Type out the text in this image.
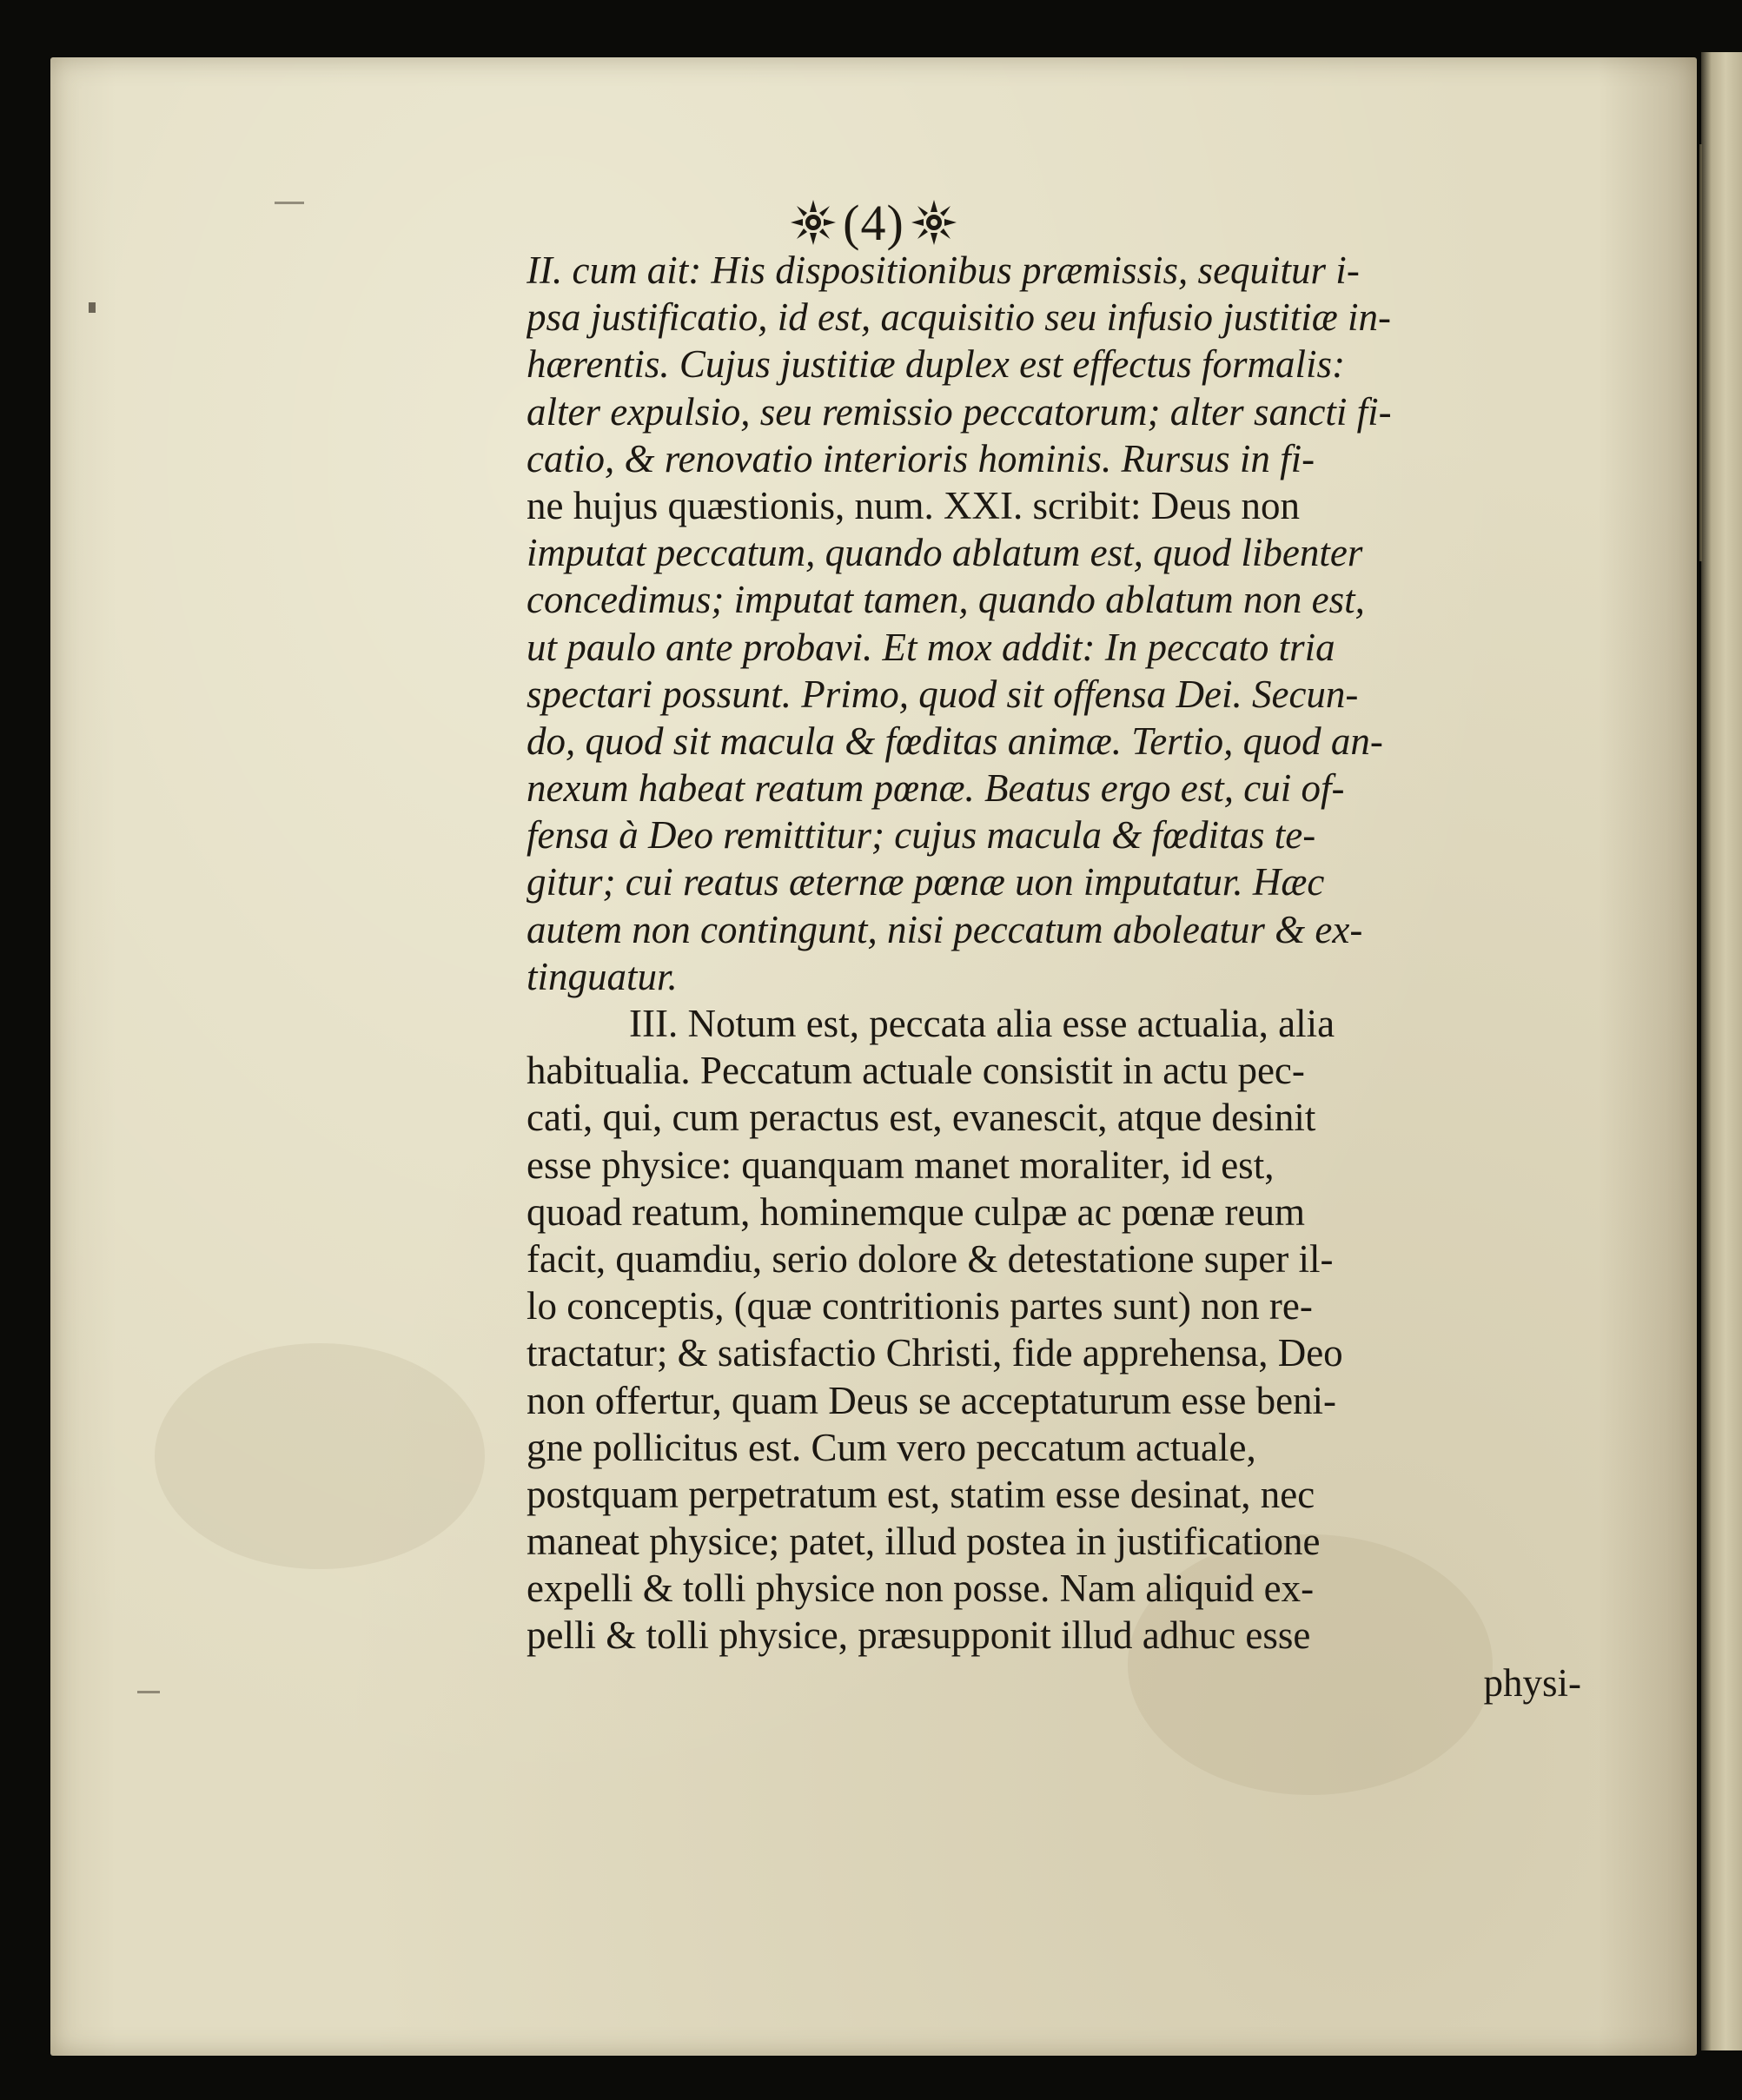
(4)
II. cum ait: His dispositionibus præmissis, sequitur i-
psa justificatio, id est, acquisitio seu infusio justitiæ in-
hærentis. Cujus justitiæ duplex est effectus formalis:
alter expulsio, seu remissio peccatorum; alter sancti fi-
catio, & renovatio interioris hominis. Rursus in fi-
ne hujus quæstionis, num. XXI. scribit: Deus non
imputat peccatum, quando ablatum est, quod libenter
concedimus; imputat tamen, quando ablatum non est,
ut paulo ante probavi. Et mox addit: In peccato tria
spectari possunt. Primo, quod sit offensa Dei. Secun-
do, quod sit macula & fœditas animæ. Tertio, quod an-
nexum habeat reatum pœnæ. Beatus ergo est, cui of-
fensa à Deo remittitur; cujus macula & fœditas te-
gitur; cui reatus æternæ pœnæ uon imputatur. Hæc
autem non contingunt, nisi peccatum aboleatur & ex-
tinguatur.
III. Notum est, peccata alia esse actualia, alia
habitualia. Peccatum actuale consistit in actu pec-
cati, qui, cum peractus est, evanescit, atque desinit
esse physice: quanquam manet moraliter, id est,
quoad reatum, hominemque culpæ ac pœnæ reum
facit, quamdiu, serio dolore & detestatione super il-
lo conceptis, (quæ contritionis partes sunt) non re-
tractatur; & satisfactio Christi, fide apprehensa, Deo
non offertur, quam Deus se acceptaturum esse beni-
gne pollicitus est. Cum vero peccatum actuale,
postquam perpetratum est, statim esse desinat, nec
maneat physice; patet, illud postea in justificatione
expelli & tolli physice non posse. Nam aliquid ex-
pelli & tolli physice, præsupponit illud adhuc esse
physi-
